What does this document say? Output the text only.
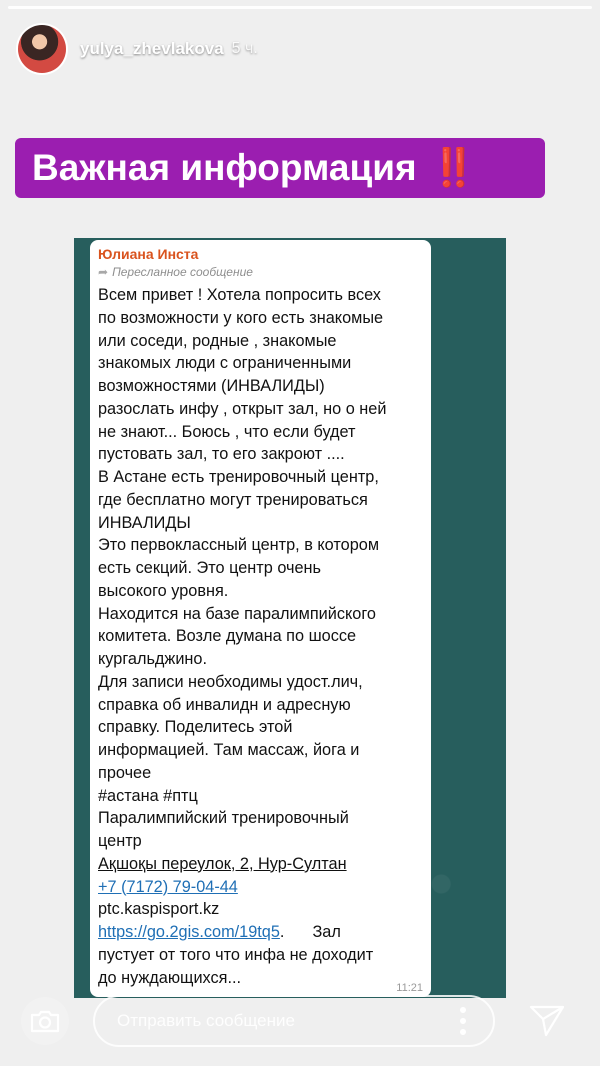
yulya_zhevlakova 5 ч.
Важная информация ‼️
Юлиана Инста
➦ Пересланное сообщение
Всем привет ! Хотела попросить всех
по возможности у кого есть знакомые
или соседи, родные , знакомые
знакомых люди с ограниченными
возможностями (ИНВАЛИДЫ)
разослать инфу , открыт зал, но о ней
не знают... Боюсь , что если будет
пустовать зал, то его закроют ....
В Астане есть тренировочный центр,
где бесплатно могут тренироваться
ИНВАЛИДЫ
Это первоклассный центр, в котором
есть секций. Это центр очень
высокого уровня.
Находится на базе паралимпийского
комитета. Возле думана по шоссе
кургальджино.
Для записи необходимы удост.лич,
справка об инвалидн и адресную
справку. Поделитесь этой
информацией. Там массаж, йога и
прочее
#астана #птц
Паралимпийский тренировочный
центр
Ақшоқы переулок, 2, Нур-Султан
+7 (7172) 79-04-44
ptc.kaspisport.kz
https://go.2gis.com/19tq5. Зал
пустует от того что инфа не доходит
до нуждающихся...
11:21
Отправить сообщение
